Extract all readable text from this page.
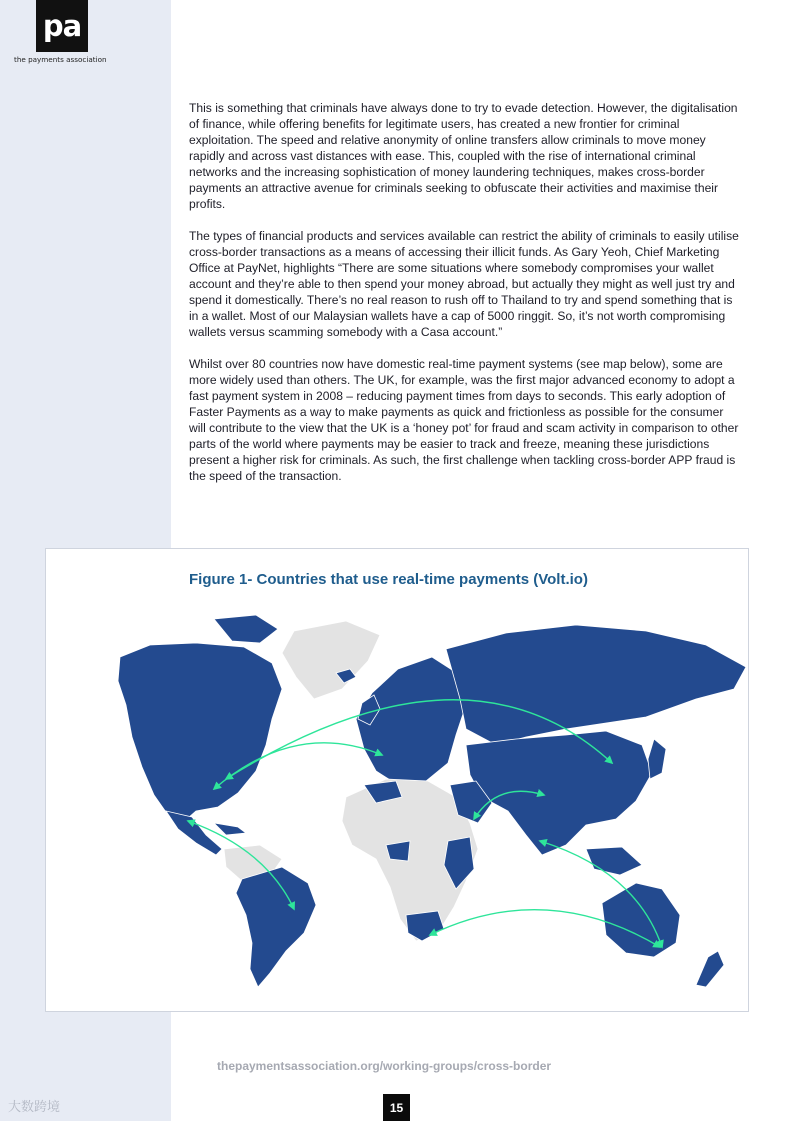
pa
the payments association

This is something that criminals have always done to try to evade detection. However, the digitalisation of finance, while offering benefits for legitimate users, has created a new frontier for criminal exploitation. The speed and relative anonymity of online transfers allow criminals to move money rapidly and across vast distances with ease. This, coupled with the rise of international criminal networks and the increasing sophistication of money laundering techniques, makes cross-border payments an attractive avenue for criminals seeking to obfuscate their activities and maximise their profits.

The types of financial products and services available can restrict the ability of criminals to easily utilise cross-border transactions as a means of accessing their illicit funds. As Gary Yeoh, Chief Marketing Office at PayNet, highlights “There are some situations where somebody compromises your wallet account and they’re able to then spend your money abroad, but actually they might as well just try and spend it domestically. There’s no real reason to rush off to Thailand to try and spend something that is in a wallet. Most of our Malaysian wallets have a cap of 5000 ringgit. So, it’s not worth compromising wallets versus scamming somebody with a Casa account.”

Whilst over 80 countries now have domestic real-time payment systems (see map below), some are more widely used than others. The UK, for example, was the first major advanced economy to adopt a fast payment system in 2008 – reducing payment times from days to seconds. This early adoption of Faster Payments as a way to make payments as quick and frictionless as possible for the consumer will contribute to the view that the UK is a ‘honey pot’ for fraud and scam activity in comparison to other parts of the world where payments may be easier to track and freeze, meaning these jurisdictions present a higher risk for criminals. As such, the first challenge when tackling cross-border APP fraud is the speed of the transaction.

Figure 1- Countries that use real-time payments (Volt.io)
thepaymentsassociation.org/working-groups/cross-border
15
大数跨境
